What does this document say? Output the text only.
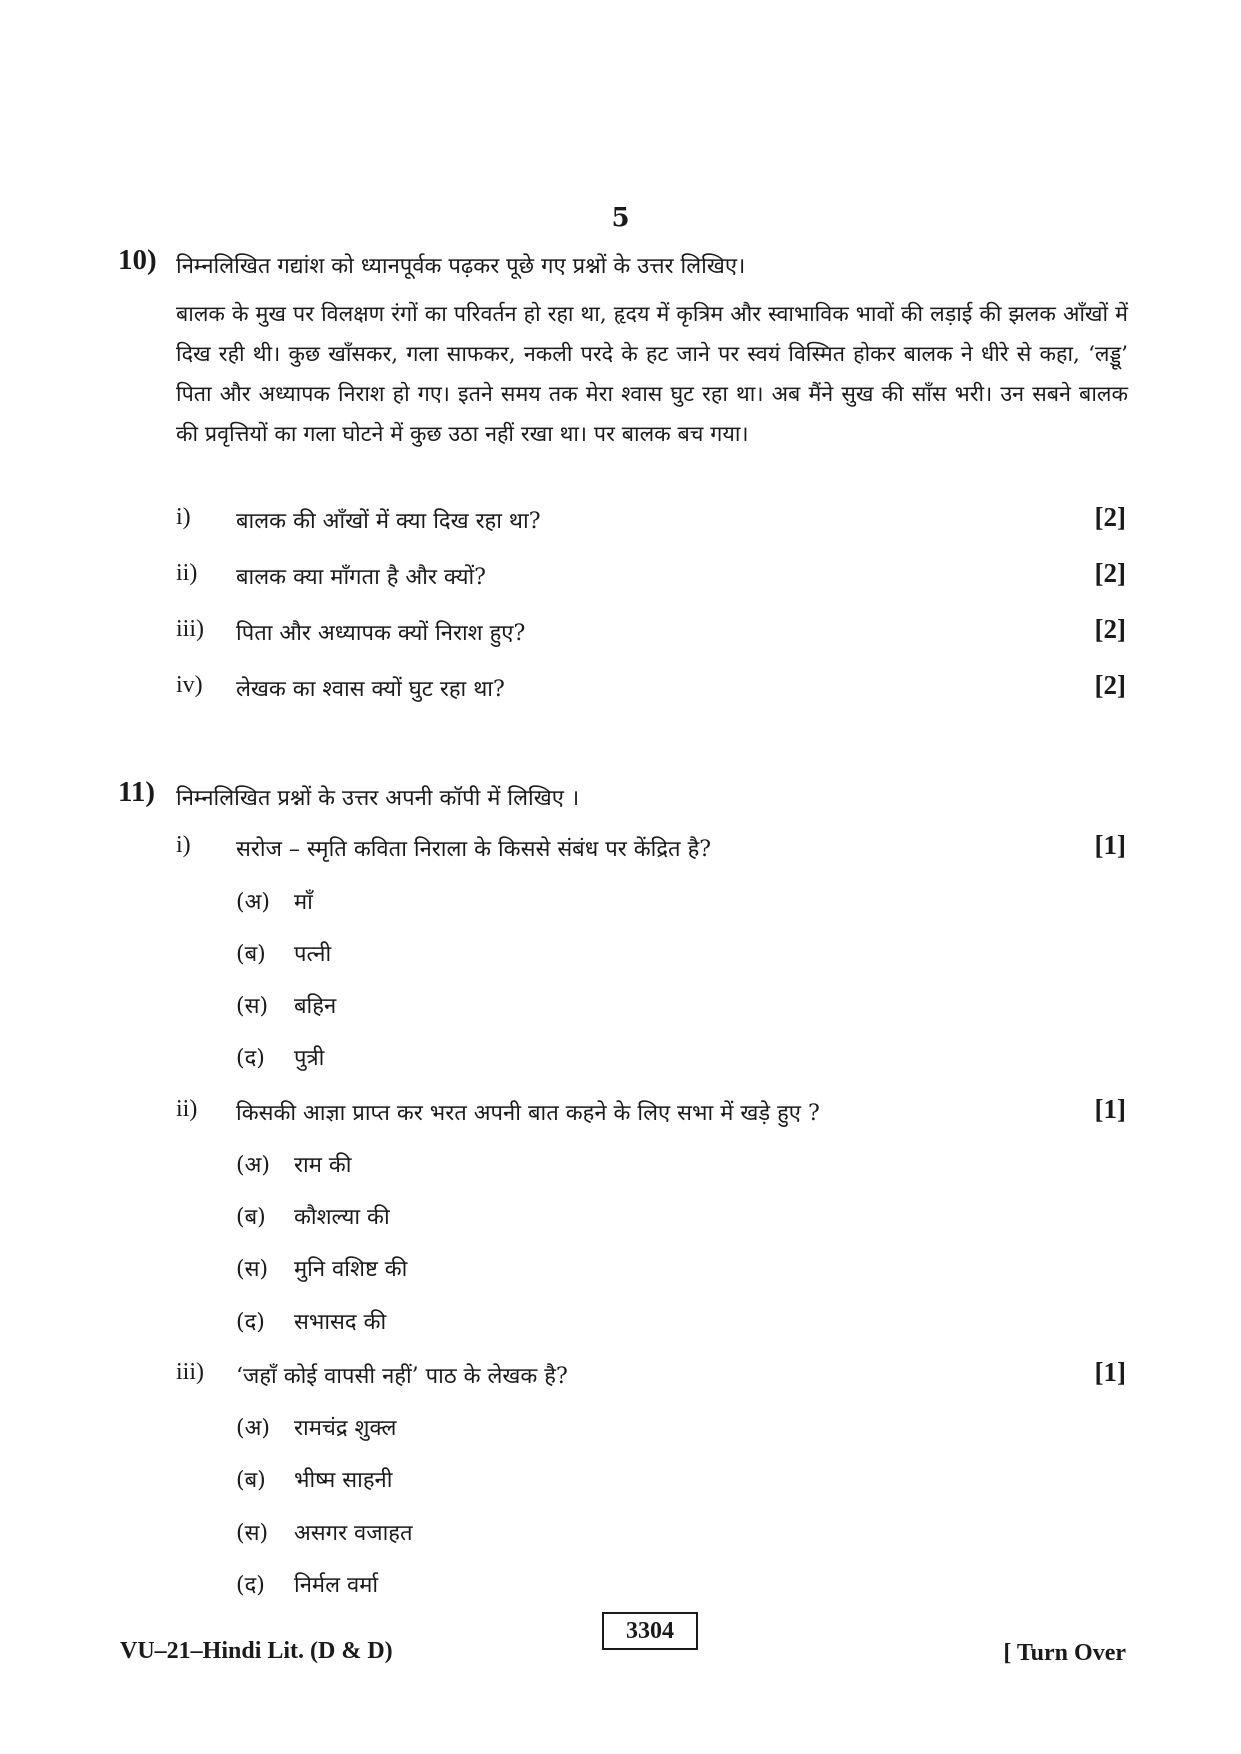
5
10) निम्नलिखित गद्यांश को ध्यानपूर्वक पढ़कर पूछे गए प्रश्नों के उत्तर लिखिए।

बालक के मुख पर विलक्षण रंगों का परिवर्तन हो रहा था, हृदय में कृत्रिम और स्वाभाविक भावों की लड़ाई की झलक आँखों में दिख रही थी। कुछ खाँसकर, गला साफकर, नकली परदे के हट जाने पर स्वयं विस्मित होकर बालक ने धीरे से कहा, ‘लड्डू’ पिता और अध्यापक निराश हो गए। इतने समय तक मेरा श्वास घुट रहा था। अब मैंने सुख की साँस भरी। उन सबने बालक की प्रवृत्तियों का गला घोटने में कुछ उठा नहीं रखा था। पर बालक बच गया।

i) बालक की आँखों में क्या दिख रहा था?	[2]
ii) बालक क्या माँगता है और क्यों?	[2]
iii) पिता और अध्यापक क्यों निराश हुए?	[2]
iv) लेखक का श्वास क्यों घुट रहा था?	[2]
11) निम्नलिखित प्रश्नों के उत्तर अपनी कॉपी में लिखिए ।
i) सरोज – स्मृति कविता निराला के किससे संबंध पर केंद्रित है?	[1]
(अ) माँ
(ब) पत्नी
(स) बहिन
(द) पुत्री
ii) किसकी आज्ञा प्राप्त कर भरत अपनी बात कहने के लिए सभा में खड़े हुए ?	[1]
(अ) राम की
(ब) कौशल्या की
(स) मुनि वशिष्ट की
(द) सभासद की
iii) ‘जहाँ कोई वापसी नहीं’ पाठ के लेखक है?	[1]
(अ) रामचंद्र शुक्ल
(ब) भीष्म साहनी
(स) असगर वजाहत
(द) निर्मल वर्मा
VU–21–Hindi Lit. (D & D)
3304
[ Turn Over
